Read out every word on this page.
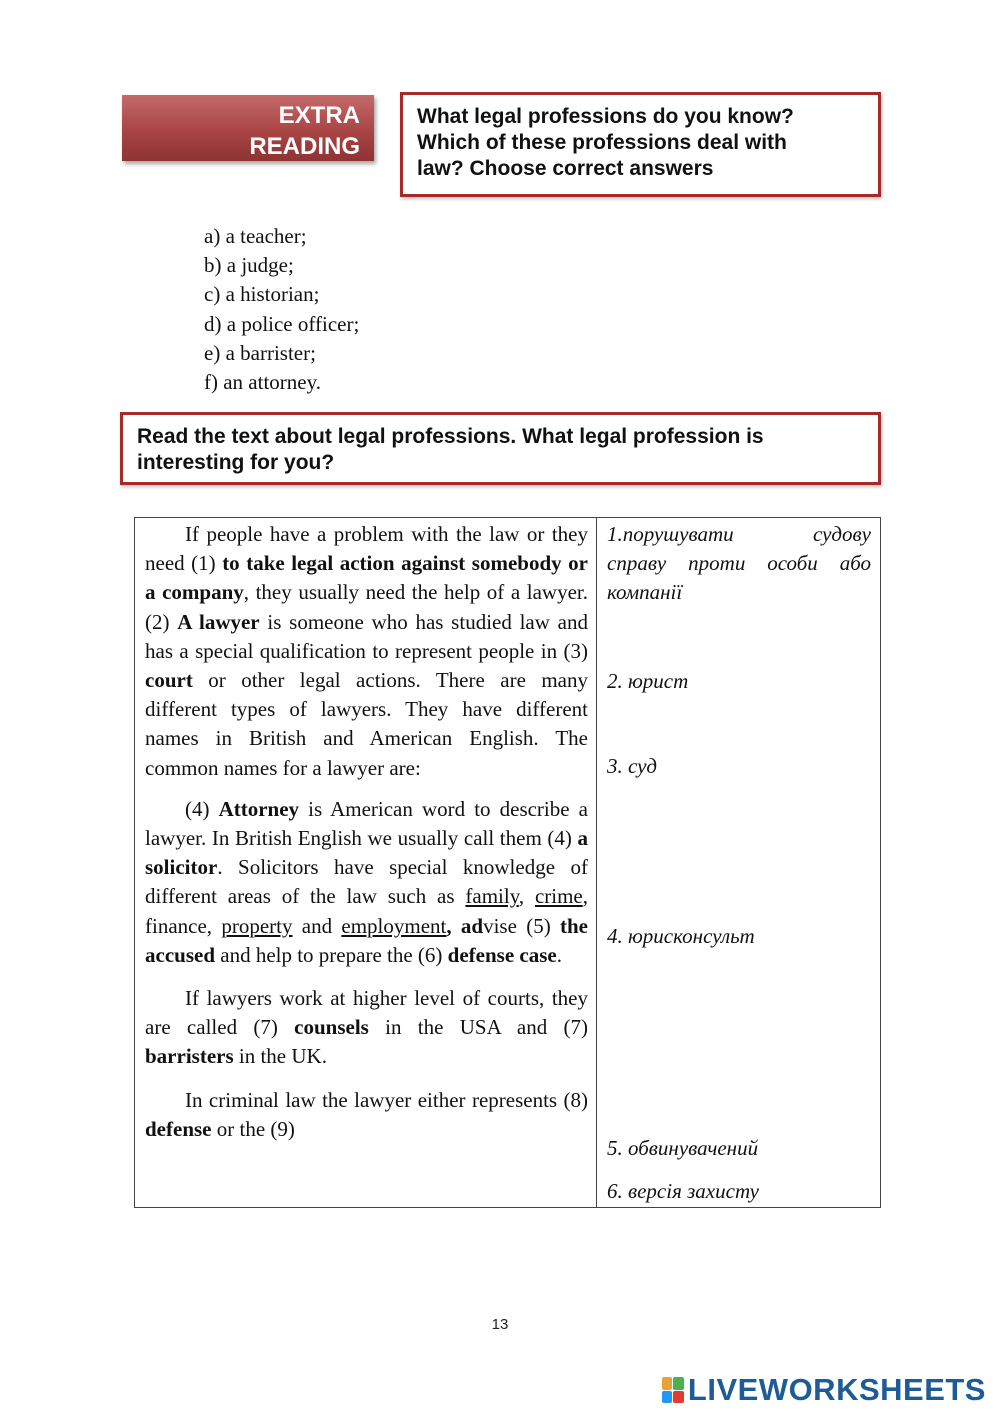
EXTRA
READING
What legal professions do you know?
Which of these professions deal with
law? Choose correct answers
a) a teacher;
b) a judge;
c) a historian;
d) a police officer;
e) a barrister;
f) an attorney.
Read the text about legal professions. What legal profession is
interesting for you?
If people have a problem with the law or they need (1) to take legal action against somebody or a company, they usually need the help of a lawyer. (2) A lawyer is someone who has studied law and has a special qualification to represent people in (3) court or other legal actions. There are many different types of lawyers. They have different names in British and American English. The common names for a lawyer are:
(4) Attorney is American word to describe a lawyer. In British English we usually call them (4) a solicitor. Solicitors have special knowledge of different areas of the law such as family, crime, finance, property and employment, advise (5) the accused and help to prepare the (6) defense case.
If lawyers work at higher level of courts, they are called (7) counsels in the USA and (7) barristers in the UK.
In criminal law the lawyer either represents (8) defense or the (9)

1.порушувати	судову
справу проти особи або компанії
2. юрист
3. суд
4. юрисконсульт
5. обвинувачений
6. версія захисту
13
LIVEWORKSHEETS
